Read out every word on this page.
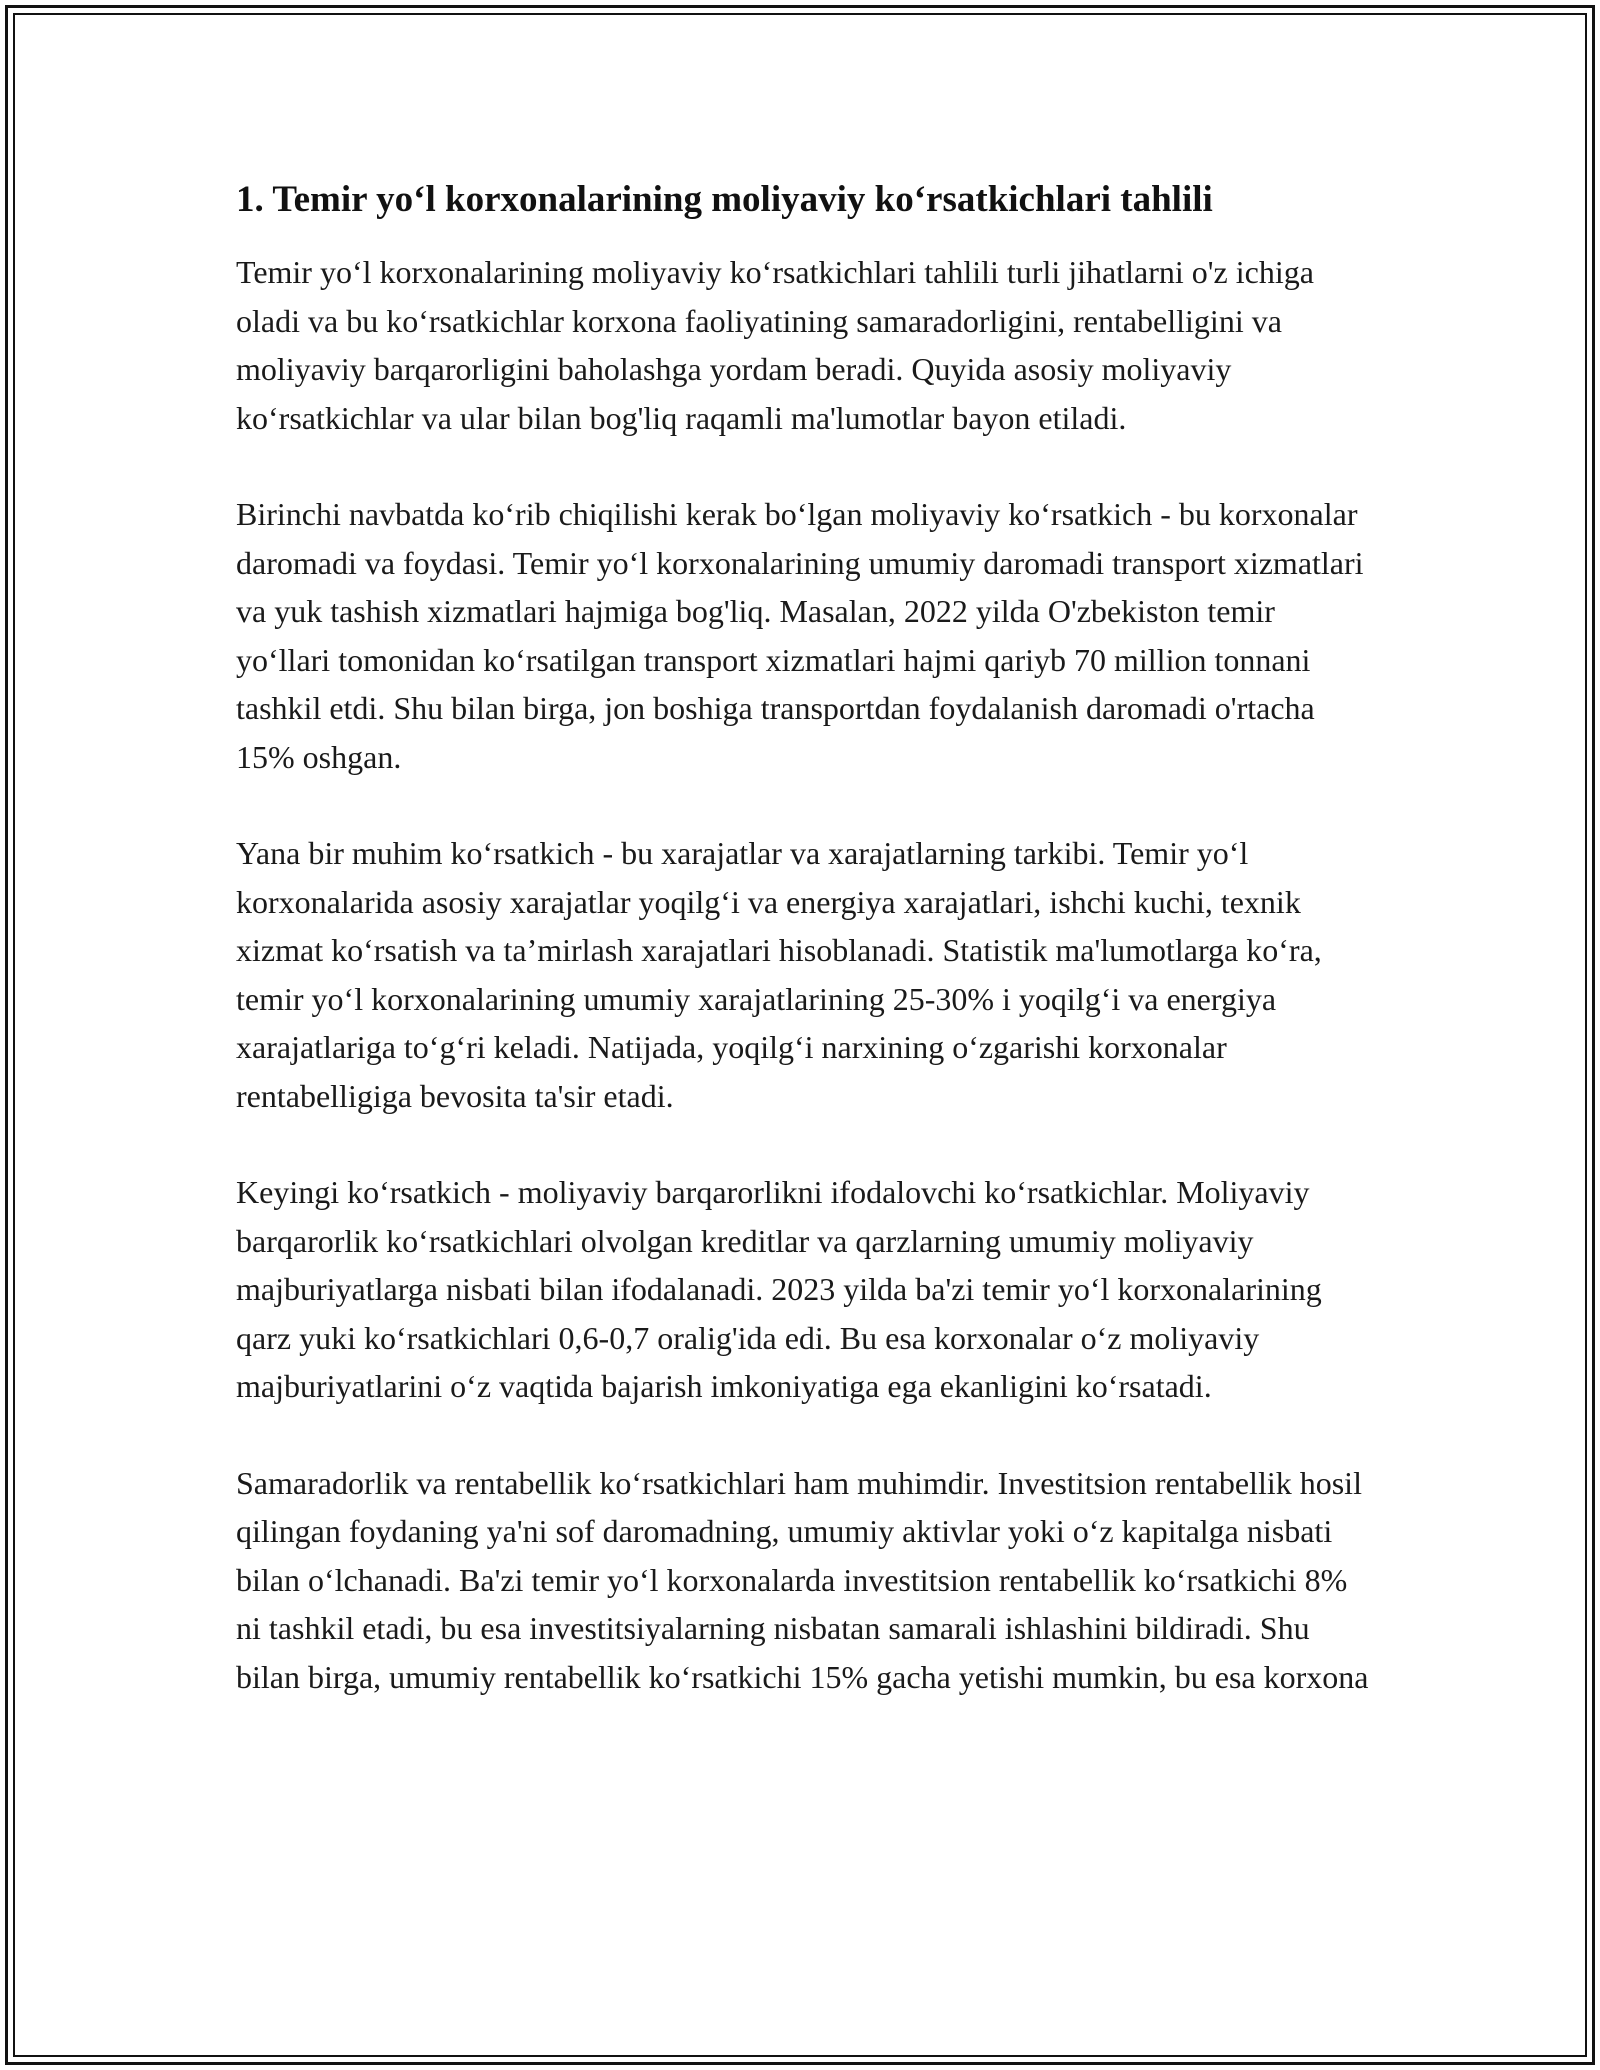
1. Temir yo‘l korxonalarining moliyaviy ko‘rsatkichlari tahlili

Temir yo‘l korxonalarining moliyaviy ko‘rsatkichlari tahlili turli jihatlarni o'z ichiga oladi va bu ko‘rsatkichlar korxona faoliyatining samaradorligini, rentabelligini va moliyaviy barqarorligini baholashga yordam beradi. Quyida asosiy moliyaviy ko‘rsatkichlar va ular bilan bog'liq raqamli ma'lumotlar bayon etiladi.

Birinchi navbatda ko‘rib chiqilishi kerak bo‘lgan moliyaviy ko‘rsatkich - bu korxonalar daromadi va foydasi. Temir yo‘l korxonalarining umumiy daromadi transport xizmatlari va yuk tashish xizmatlari hajmiga bog'liq. Masalan, 2022 yilda O'zbekiston temir yo‘llari tomonidan ko‘rsatilgan transport xizmatlari hajmi qariyb 70 million tonnani tashkil etdi. Shu bilan birga, jon boshiga transportdan foydalanish daromadi o'rtacha 15% oshgan.

Yana bir muhim ko‘rsatkich - bu xarajatlar va xarajatlarning tarkibi. Temir yo‘l korxonalarida asosiy xarajatlar yoqilg‘i va energiya xarajatlari, ishchi kuchi, texnik xizmat ko‘rsatish va ta’mirlash xarajatlari hisoblanadi. Statistik ma'lumotlarga ko‘ra, temir yo‘l korxonalarining umumiy xarajatlarining 25-30% i yoqilg‘i va energiya xarajatlariga to‘g‘ri keladi. Natijada, yoqilg‘i narxining o‘zgarishi korxonalar rentabelligiga bevosita ta'sir etadi.

Keyingi ko‘rsatkich - moliyaviy barqarorlikni ifodalovchi ko‘rsatkichlar. Moliyaviy barqarorlik ko‘rsatkichlari olvolgan kreditlar va qarzlarning umumiy moliyaviy majburiyatlarga nisbati bilan ifodalanadi. 2023 yilda ba'zi temir yo‘l korxonalarining qarz yuki ko‘rsatkichlari 0,6-0,7 oralig'ida edi. Bu esa korxonalar o‘z moliyaviy majburiyatlarini o‘z vaqtida bajarish imkoniyatiga ega ekanligini ko‘rsatadi.

Samaradorlik va rentabellik ko‘rsatkichlari ham muhimdir. Investitsion rentabellik hosil qilingan foydaning ya'ni sof daromadning, umumiy aktivlar yoki o‘z kapitalga nisbati bilan o‘lchanadi. Ba'zi temir yo‘l korxonalarda investitsion rentabellik ko‘rsatkichi 8% ni tashkil etadi, bu esa investitsiyalarning nisbatan samarali ishlashini bildiradi. Shu bilan birga, umumiy rentabellik ko‘rsatkichi 15% gacha yetishi mumkin, bu esa korxona
